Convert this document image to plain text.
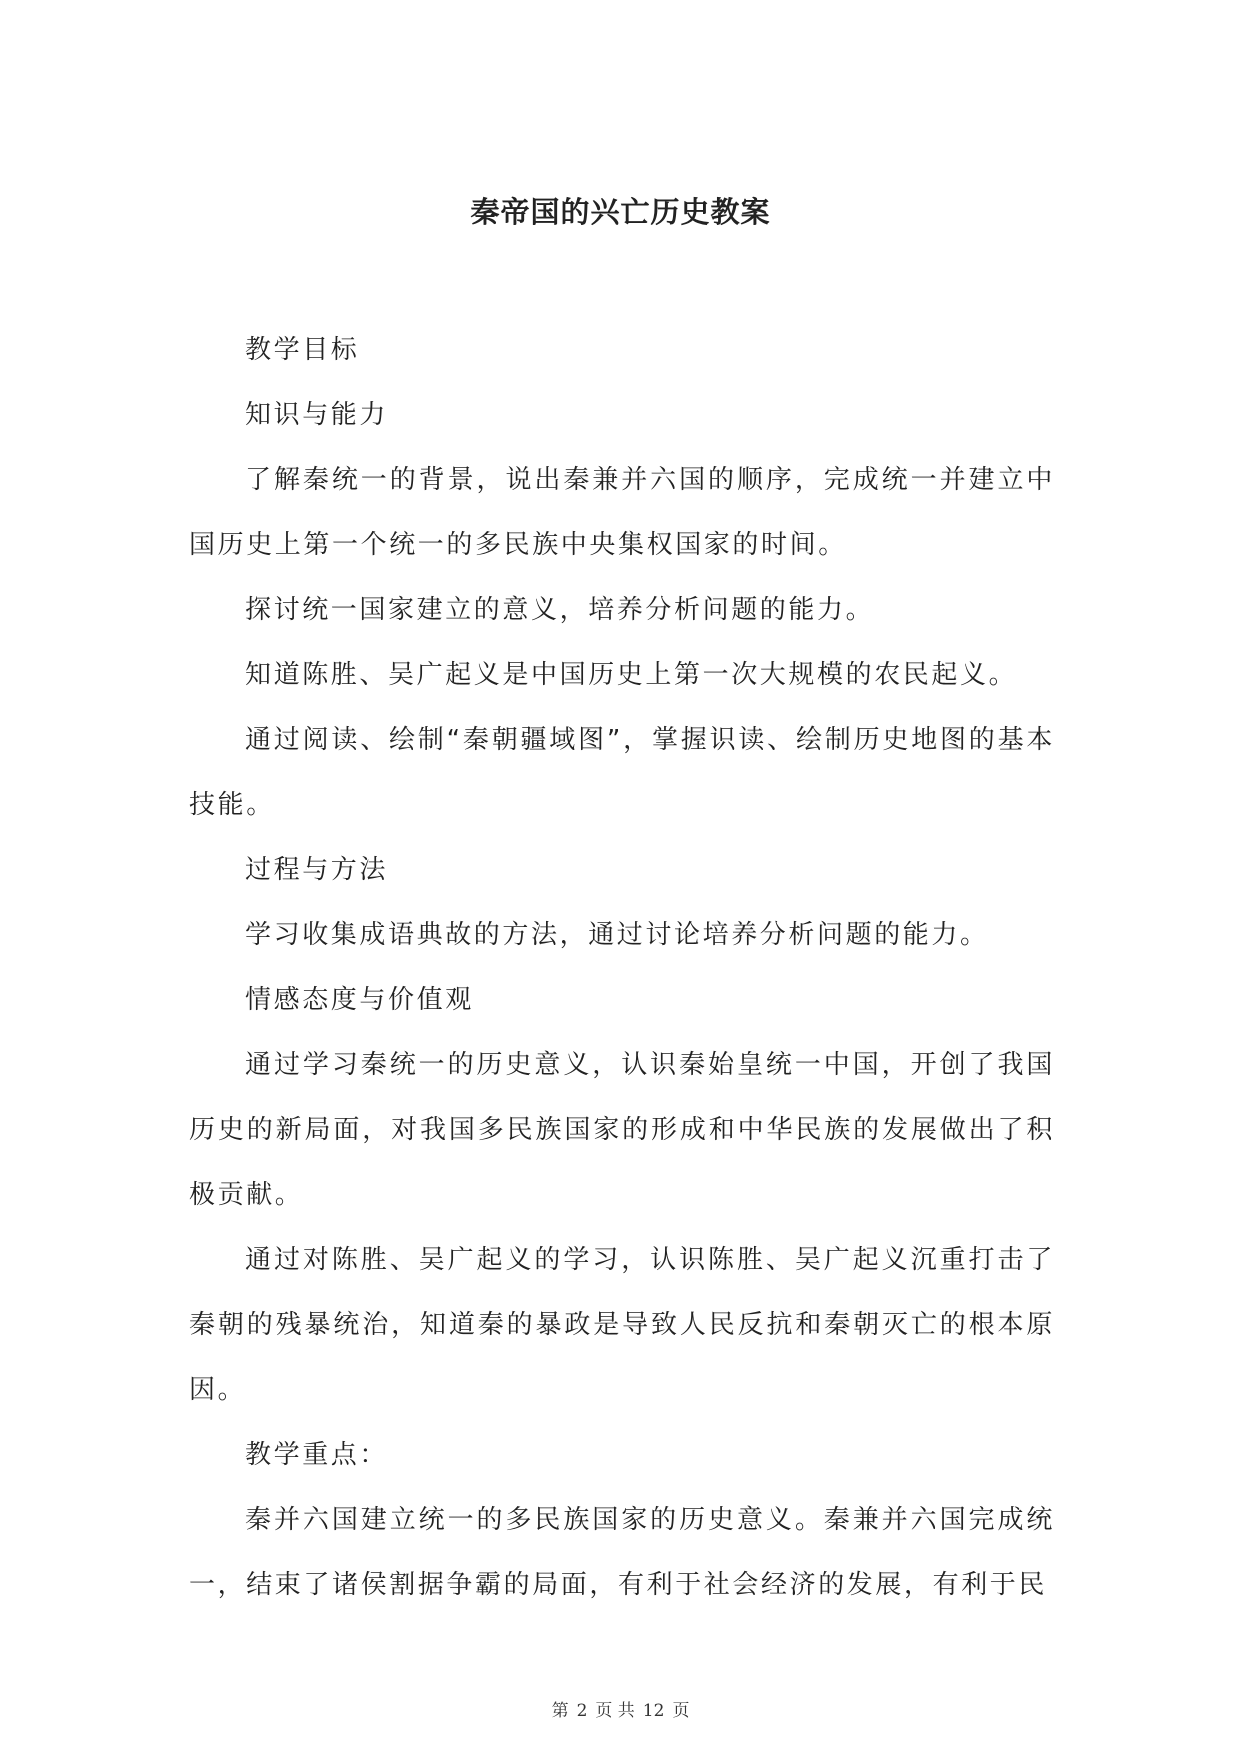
秦帝国的兴亡历史教案

教学目标

知识与能力

了解秦统一的背景，说出秦兼并六国的顺序，完成统一并建立中国历史上第一个统一的多民族中央集权国家的时间。

探讨统一国家建立的意义，培养分析问题的能力。

知道陈胜、吴广起义是中国历史上第一次大规模的农民起义。

通过阅读、绘制“秦朝疆域图”，掌握识读、绘制历史地图的基本技能。

过程与方法

学习收集成语典故的方法，通过讨论培养分析问题的能力。

情感态度与价值观

通过学习秦统一的历史意义，认识秦始皇统一中国，开创了我国历史的新局面，对我国多民族国家的形成和中华民族的发展做出了积极贡献。

通过对陈胜、吴广起义的学习，认识陈胜、吴广起义沉重打击了秦朝的残暴统治，知道秦的暴政是导致人民反抗和秦朝灭亡的根本原因。

教学重点：

秦并六国建立统一的多民族国家的历史意义。秦兼并六国完成统一，结束了诸侯割据争霸的局面，有利于社会经济的发展，有利于民

第 2 页 共 12 页
